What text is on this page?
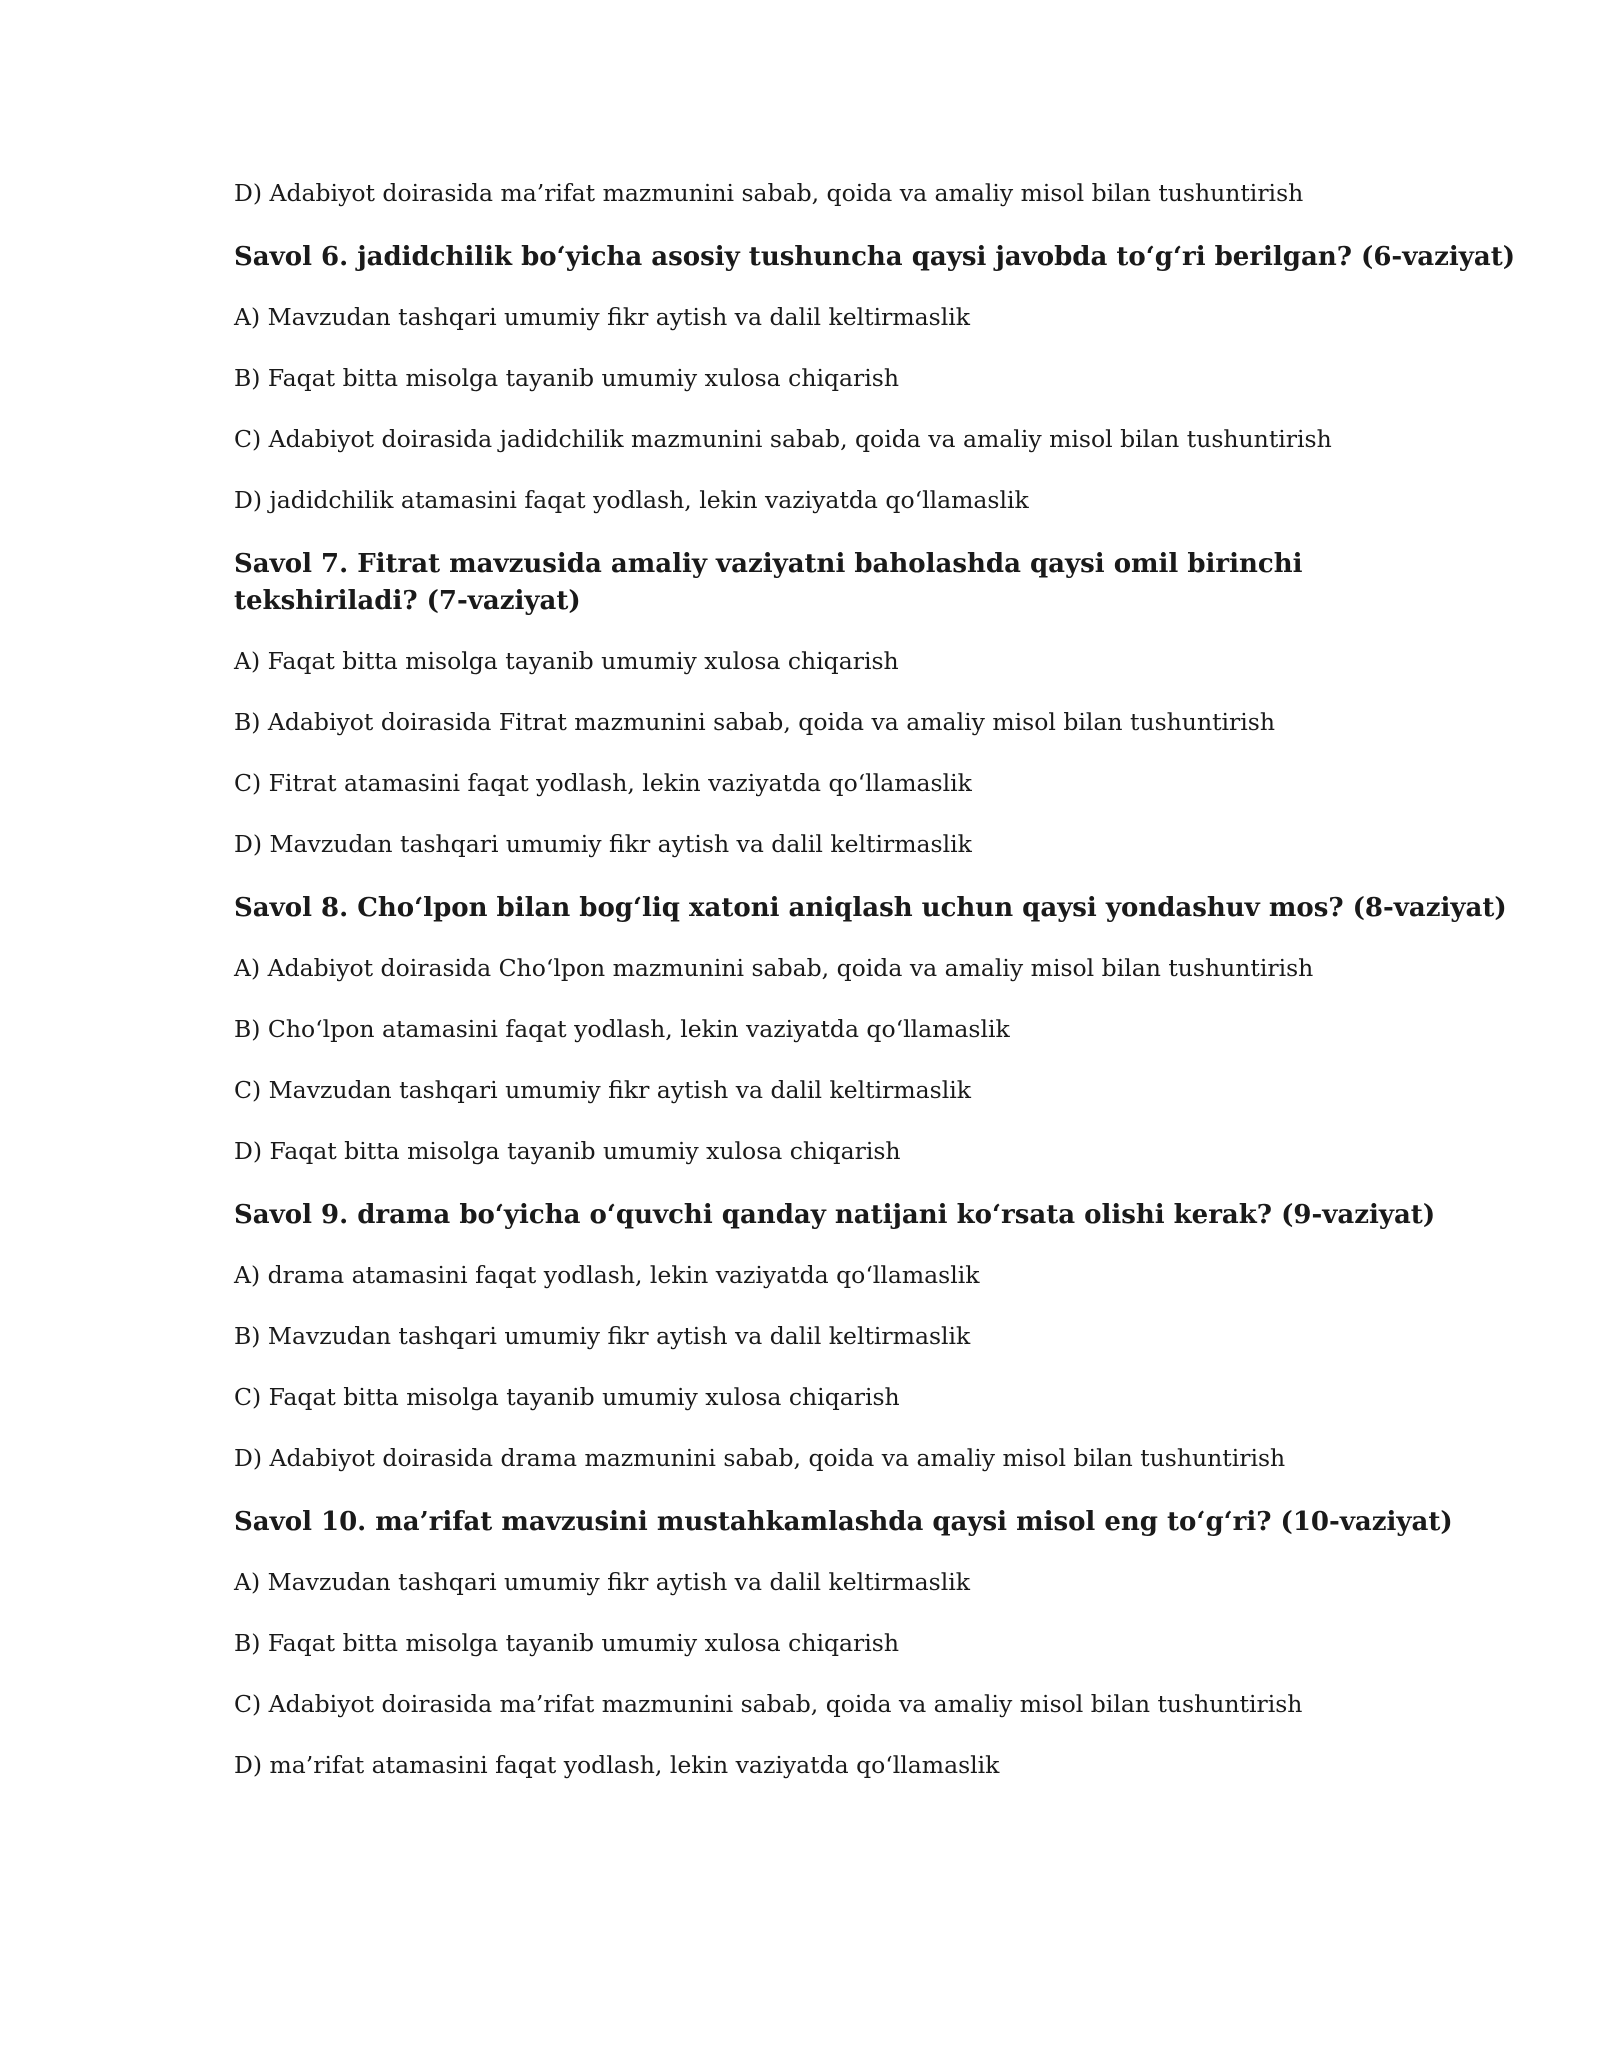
D) Adabiyot doirasida ma’rifat mazmunini sabab, qoida va amaliy misol bilan tushuntirish

Savol 6. jadidchilik bo‘yicha asosiy tushuncha qaysi javobda to‘g‘ri berilgan? (6-vaziyat)

A) Mavzudan tashqari umumiy fikr aytish va dalil keltirmaslik

B) Faqat bitta misolga tayanib umumiy xulosa chiqarish

C) Adabiyot doirasida jadidchilik mazmunini sabab, qoida va amaliy misol bilan tushuntirish

D) jadidchilik atamasini faqat yodlash, lekin vaziyatda qo‘llamaslik

Savol 7. Fitrat mavzusida amaliy vaziyatni baholashda qaysi omil birinchi tekshiriladi? (7-vaziyat)

A) Faqat bitta misolga tayanib umumiy xulosa chiqarish

B) Adabiyot doirasida Fitrat mazmunini sabab, qoida va amaliy misol bilan tushuntirish

C) Fitrat atamasini faqat yodlash, lekin vaziyatda qo‘llamaslik

D) Mavzudan tashqari umumiy fikr aytish va dalil keltirmaslik

Savol 8. Cho‘lpon bilan bog‘liq xatoni aniqlash uchun qaysi yondashuv mos? (8-vaziyat)

A) Adabiyot doirasida Cho‘lpon mazmunini sabab, qoida va amaliy misol bilan tushuntirish

B) Cho‘lpon atamasini faqat yodlash, lekin vaziyatda qo‘llamaslik

C) Mavzudan tashqari umumiy fikr aytish va dalil keltirmaslik

D) Faqat bitta misolga tayanib umumiy xulosa chiqarish

Savol 9. drama bo‘yicha o‘quvchi qanday natijani ko‘rsata olishi kerak? (9-vaziyat)

A) drama atamasini faqat yodlash, lekin vaziyatda qo‘llamaslik

B) Mavzudan tashqari umumiy fikr aytish va dalil keltirmaslik

C) Faqat bitta misolga tayanib umumiy xulosa chiqarish

D) Adabiyot doirasida drama mazmunini sabab, qoida va amaliy misol bilan tushuntirish

Savol 10. ma’rifat mavzusini mustahkamlashda qaysi misol eng to‘g‘ri? (10-vaziyat)

A) Mavzudan tashqari umumiy fikr aytish va dalil keltirmaslik

B) Faqat bitta misolga tayanib umumiy xulosa chiqarish

C) Adabiyot doirasida ma’rifat mazmunini sabab, qoida va amaliy misol bilan tushuntirish

D) ma’rifat atamasini faqat yodlash, lekin vaziyatda qo‘llamaslik
